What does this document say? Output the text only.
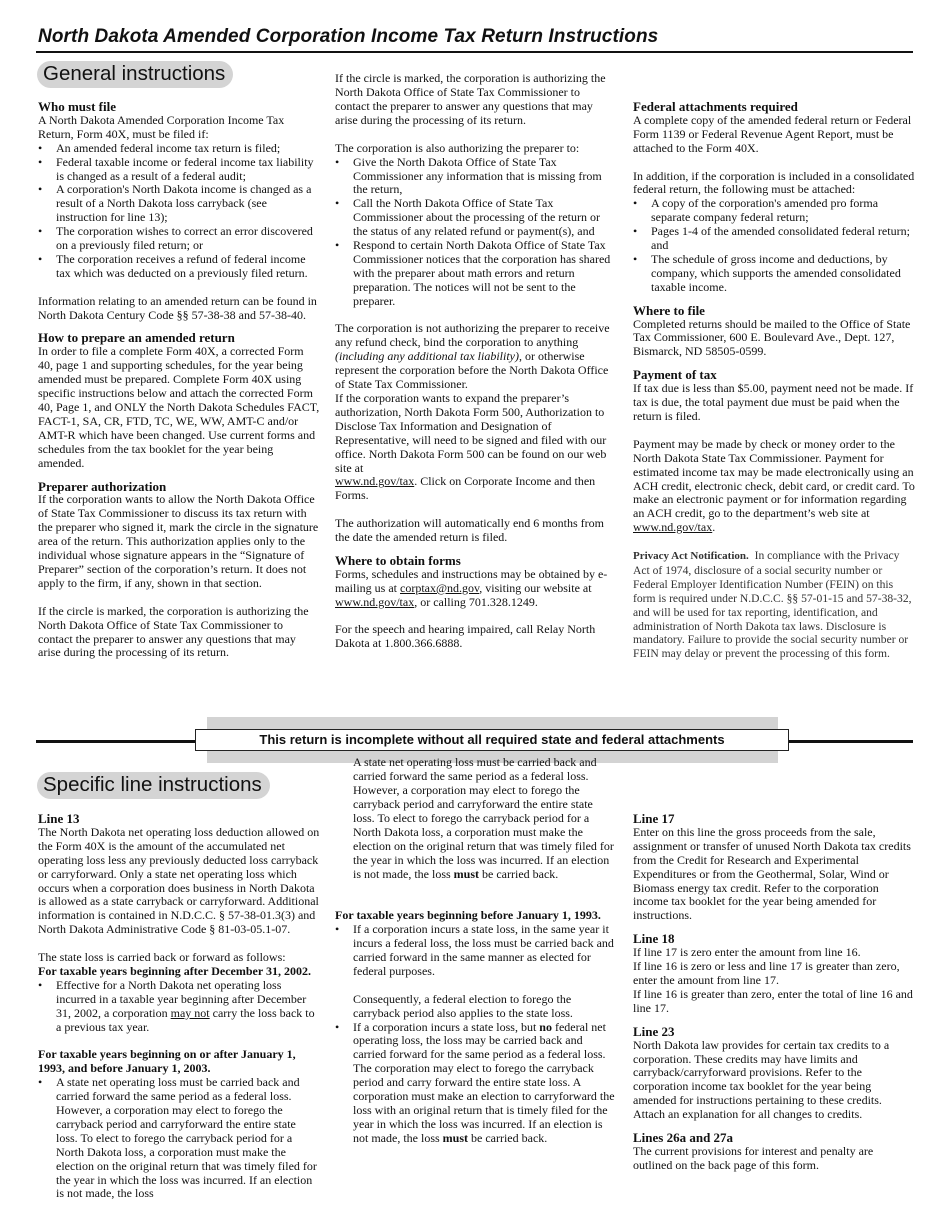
North Dakota Amended Corporation Income Tax Return Instructions
General instructions

Who must file

A North Dakota Amended Corporation Income Tax Return, Form 40X, must be filed if:

• An amended federal income tax return is filed;
• Federal taxable income or federal income tax liability is changed as a result of a federal audit;
• A corporation's North Dakota income is changed as a result of a North Dakota loss carryback (see instruction for line 13);
• The corporation wishes to correct an error discovered on a previously filed return; or
• The corporation receives a refund of federal income tax which was deducted on a previously filed return.

Information relating to an amended return can be found in North Dakota Century Code §§ 57-38-38 and 57-38-40.

How to prepare an amended return

In order to file a complete Form 40X, a corrected Form 40, page 1 and supporting schedules, for the year being amended must be prepared. Complete Form 40X using specific instructions below and attach the corrected Form 40, Page 1, and ONLY the North Dakota Schedules FACT, FACT-1, SA, CR, FTD, TC, WE, WW, AMT-C and/or AMT-R which have been changed. Use current forms and schedules from the tax booklet for the year being amended.

Preparer authorization

If the corporation wants to allow the North Dakota Office of State Tax Commissioner to discuss its tax return with the preparer who signed it, mark the circle in the signature area of the return. This authorization applies only to the individual whose signature appears in the “Signature of Preparer” section of the corporation’s return. It does not apply to the firm, if any, shown in that section.

If the circle is marked, the corporation is authorizing the North Dakota Office of State Tax Commissioner to contact the preparer to answer any questions that may arise during the processing of its return.

If the circle is marked, the corporation is authorizing the North Dakota Office of State Tax Commissioner to contact the preparer to answer any questions that may arise during the processing of its return.

The corporation is also authorizing the preparer to:

• Give the North Dakota Office of State Tax Commissioner any information that is missing from the return,
• Call the North Dakota Office of State Tax Commissioner about the processing of the return or the status of any related refund or payment(s), and
• Respond to certain North Dakota Office of State Tax Commissioner notices that the corporation has shared with the preparer about math errors and return preparation. The notices will not be sent to the preparer.

The corporation is not authorizing the preparer to receive any refund check, bind the corporation to anything (including any additional tax liability), or otherwise represent the corporation before the North Dakota Office of State Tax Commissioner.

If the corporation wants to expand the preparer’s authorization, North Dakota Form 500, Authorization to Disclose Tax Information and Designation of Representative, will need to be signed and filed with our office. North Dakota Form 500 can be found on our web site at

www.nd.gov/tax. Click on Corporate Income and then Forms.

The authorization will automatically end 6 months from the date the amended return is filed.

Where to obtain forms

Forms, schedules and instructions may be obtained by e-mailing us at corptax@nd.gov, visiting our website at www.nd.gov/tax, or calling 701.328.1249.

For the speech and hearing impaired, call Relay North Dakota at 1.800.366.6888.

Federal attachments required

A complete copy of the amended federal return or Federal Form 1139 or Federal Revenue Agent Report, must be attached to the Form 40X.

In addition, if the corporation is included in a consolidated federal return, the following must be attached:

• A copy of the corporation's amended pro forma separate company federal return;
• Pages 1-4 of the amended consolidated federal return; and
• The schedule of gross income and deductions, by company, which supports the amended consolidated taxable income.

Where to file

Completed returns should be mailed to the Office of State Tax Commissioner, 600 E. Boulevard Ave., Dept. 127, Bismarck, ND 58505-0599.

Payment of tax

If tax due is less than $5.00, payment need not be made. If tax is due, the total payment due must be paid when the return is filed.

Payment may be made by check or money order to the North Dakota State Tax Commissioner. Payment for estimated income tax may be made electronically using an ACH credit, electronic check, debit card, or credit card. To make an electronic payment or for information regarding an ACH credit, go to the department’s web site at www.nd.gov/tax.

Privacy Act Notification. In compliance with the Privacy Act of 1974, disclosure of a social security number or Federal Employer Identification Number (FEIN) on this form is required under N.D.C.C. §§ 57-01-15 and 57-38-32, and will be used for tax reporting, identification, and administration of North Dakota tax laws. Disclosure is mandatory. Failure to provide the social security number or FEIN may delay or prevent the processing of this form.

This return is incomplete without all required state and federal attachments
Specific line instructions

Line 13

The North Dakota net operating loss deduction allowed on the Form 40X is the amount of the accumulated net operating loss less any previously deducted loss carryback or carryforward. Only a state net operating loss which occurs when a corporation does business in North Dakota is allowed as a state carryback or carryforward. Additional information is contained in N.D.C.C. § 57-38-01.3(3) and North Dakota Administrative Code § 81-03-05.1-07.

The state loss is carried back or forward as follows:

For taxable years beginning after December 31, 2002.

• Effective for a North Dakota net operating loss incurred in a taxable year beginning after December 31, 2002, a corporation may not carry the loss back to a previous tax year.

For taxable years beginning on or after January 1, 1993, and before January 1, 2003.

• A state net operating loss must be carried back and carried forward the same period as a federal loss. However, a corporation may elect to forego the carryback period and carryforward the entire state loss. To elect to forego the carryback period for a North Dakota loss, a corporation must make the election on the original return that was timely filed for the year in which the loss was incurred. If an election is not made, the loss
A state net operating loss must be carried back and carried forward the same period as a federal loss. However, a corporation may elect to forego the carryback period and carryforward the entire state loss. To elect to forego the carryback period for a North Dakota loss, a corporation must make the election on the original return that was timely filed for the year in which the loss was incurred. If an election is not made, the loss must be carried back.

For taxable years beginning before January 1, 1993.

• If a corporation incurs a state loss, in the same year it incurs a federal loss, the loss must be carried back and carried forward in the same manner as elected for federal purposes.

Consequently, a federal election to forego the carryback period also applies to the state loss.

• If a corporation incurs a state loss, but no federal net operating loss, the loss may be carried back and carried forward for the same period as a federal loss. The corporation may elect to forego the carryback period and carry forward the entire state loss. A corporation must make an election to carryforward the loss with an original return that is timely filed for the year in which the loss was incurred. If an election is not made, the loss must be carried back.

Line 17

Enter on this line the gross proceeds from the sale, assignment or transfer of unused North Dakota tax credits from the Credit for Research and Experimental Expenditures or from the Geothermal, Solar, Wind or Biomass energy tax credit. Refer to the corporation income tax booklet for the year being amended for instructions.

Line 18

If line 17 is zero enter the amount from line 16.

If line 16 is zero or less and line 17 is greater than zero, enter the amount from line 17.

If line 16 is greater than zero, enter the total of line 16 and line 17.

Line 23

North Dakota law provides for certain tax credits to a corporation. These credits may have limits and carryback/carryforward provisions. Refer to the corporation income tax booklet for the year being amended for instructions pertaining to these credits. Attach an explanation for all changes to credits.

Lines 26a and 27a

The current provisions for interest and penalty are outlined on the back page of this form.
